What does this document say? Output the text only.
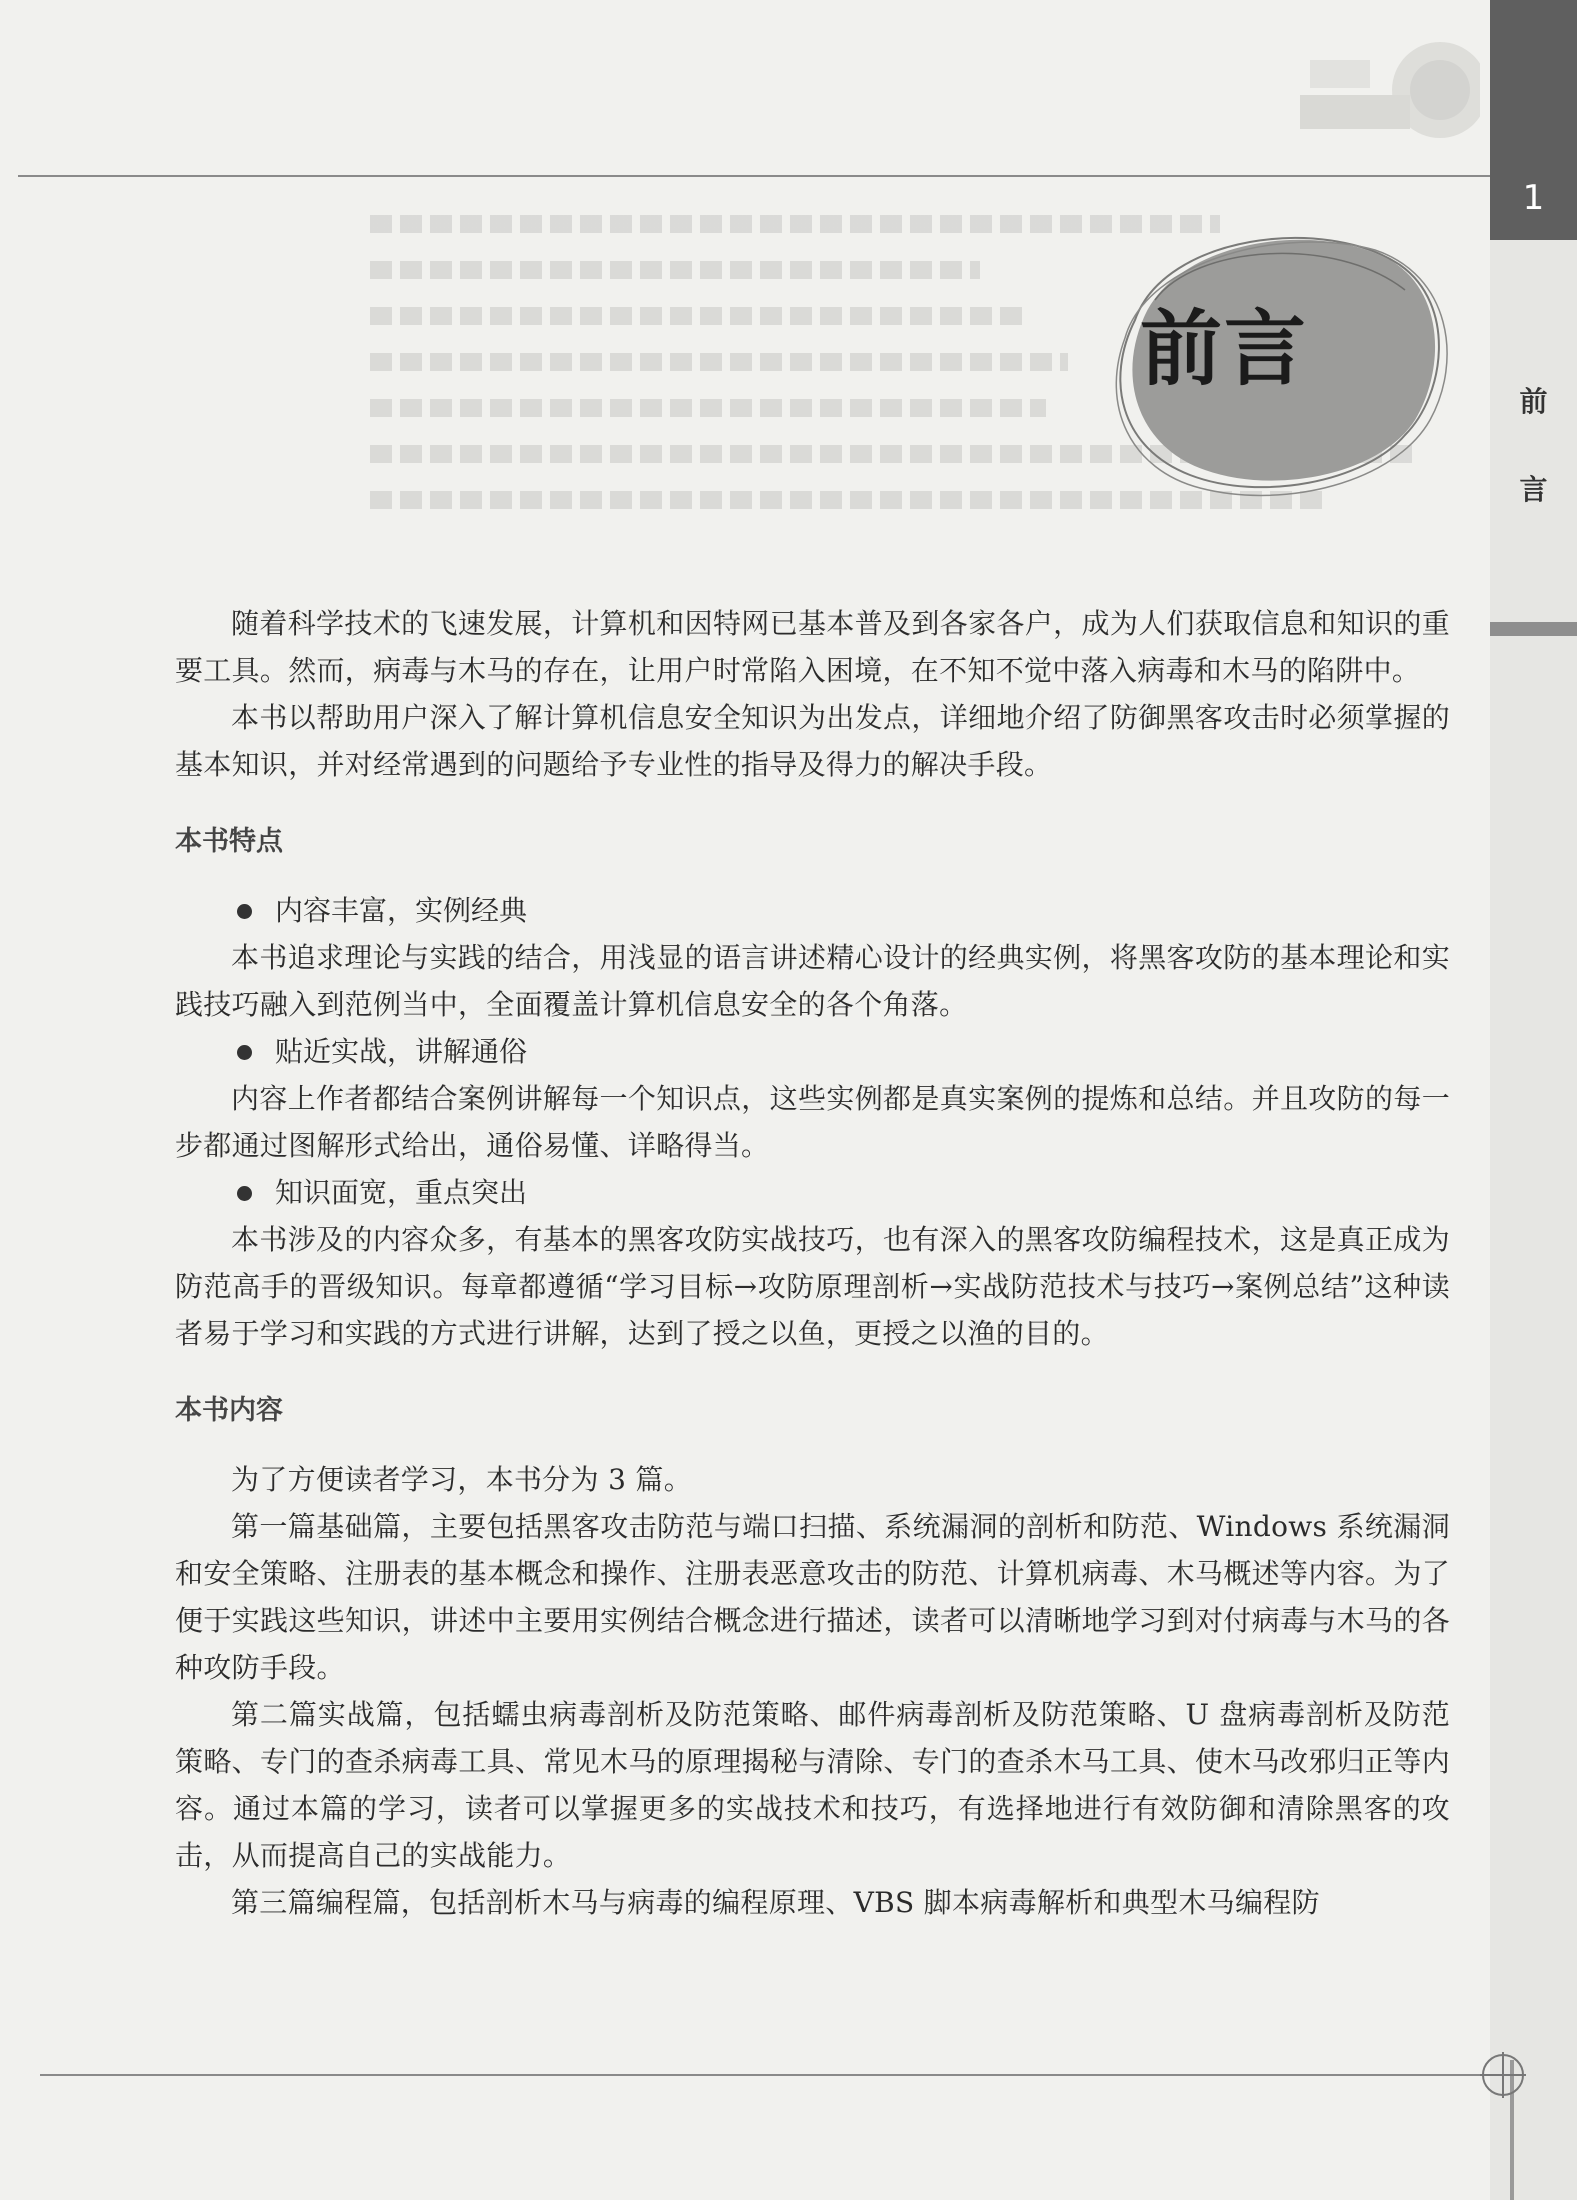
1
前
言
前言

随着科学技术的飞速发展，计算机和因特网已基本普及到各家各户，成为人们获取信息和知识的重要工具。然而，病毒与木马的存在，让用户时常陷入困境，在不知不觉中落入病毒和木马的陷阱中。

本书以帮助用户深入了解计算机信息安全知识为出发点，详细地介绍了防御黑客攻击时必须掌握的基本知识，并对经常遇到的问题给予专业性的指导及得力的解决手段。

本书特点

内容丰富，实例经典

本书追求理论与实践的结合，用浅显的语言讲述精心设计的经典实例，将黑客攻防的基本理论和实践技巧融入到范例当中，全面覆盖计算机信息安全的各个角落。

贴近实战，讲解通俗

内容上作者都结合案例讲解每一个知识点，这些实例都是真实案例的提炼和总结。并且攻防的每一步都通过图解形式给出，通俗易懂、详略得当。

知识面宽，重点突出

本书涉及的内容众多，有基本的黑客攻防实战技巧，也有深入的黑客攻防编程技术，这是真正成为防范高手的晋级知识。每章都遵循“学习目标→攻防原理剖析→实战防范技术与技巧→案例总结”这种读者易于学习和实践的方式进行讲解，达到了授之以鱼，更授之以渔的目的。

本书内容

为了方便读者学习，本书分为 3 篇。

第一篇基础篇，主要包括黑客攻击防范与端口扫描、系统漏洞的剖析和防范、Windows 系统漏洞和安全策略、注册表的基本概念和操作、注册表恶意攻击的防范、计算机病毒、木马概述等内容。为了便于实践这些知识，讲述中主要用实例结合概念进行描述，读者可以清晰地学习到对付病毒与木马的各种攻防手段。

第二篇实战篇，包括蠕虫病毒剖析及防范策略、邮件病毒剖析及防范策略、U 盘病毒剖析及防范策略、专门的查杀病毒工具、常见木马的原理揭秘与清除、专门的查杀木马工具、使木马改邪归正等内容。通过本篇的学习，读者可以掌握更多的实战技术和技巧，有选择地进行有效防御和清除黑客的攻击，从而提高自己的实战能力。

第三篇编程篇，包括剖析木马与病毒的编程原理、VBS 脚本病毒解析和典型木马编程防
